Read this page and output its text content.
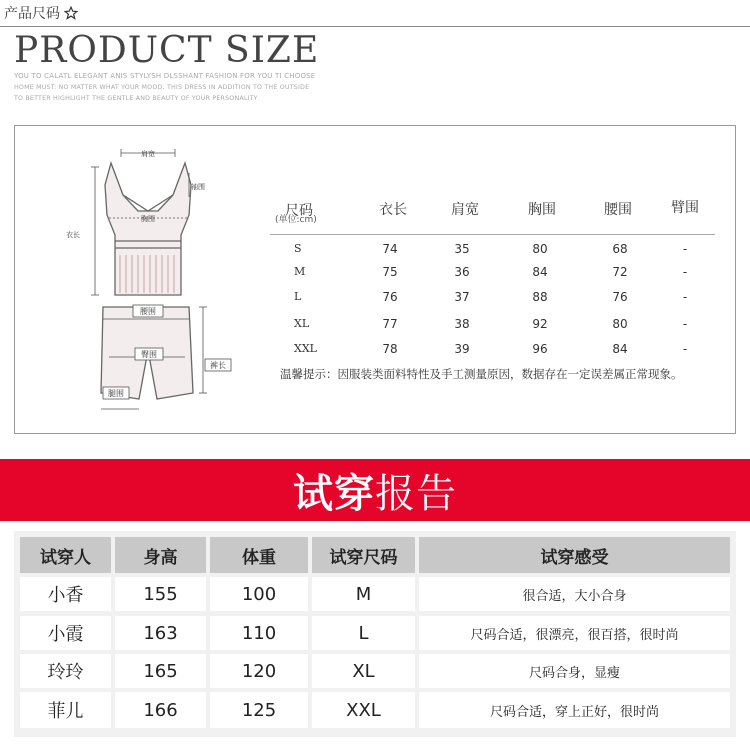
产品尺码
PRODUCT SIZE
YOU TO CALATL ELEGANT ANIS STYLYSH DLSSHANT FASHION FOR YOU TI CHOOSE
HOME MUST: NO MATTER WHAT YOUR MOOD. THIS DRESS IN ADDITION TO THE OUTSIDE
TO BETTER HIGHLIGHT THE GENTLE AND BEAUTY OF YOUR PERSONALITY
肩宽
袖围
胸围
衣长
腰围
臀围
裤长
腿围
尺码
(单位:cm)
衣长	肩宽	胸围	腰围	臂围
S	74	35	80	68	-
M	75	36	84	72	-
L	76	37	88	76	-
XL	77	38	92	80	-
XXL	78	39	96	84	-
温馨提示：因服装类面料特性及手工测量原因，数据存在一定误差属正常现象。
试穿 报告
试穿人	身高	体重	试穿尺码	试穿感受
小香	155	100	M	很合适，大小合身
小霞	163	110	L	尺码合适，很漂亮，很百搭，很时尚
玲玲	165	120	XL	尺码合身，显瘦
菲儿	166	125	XXL	尺码合适，穿上正好，很时尚
